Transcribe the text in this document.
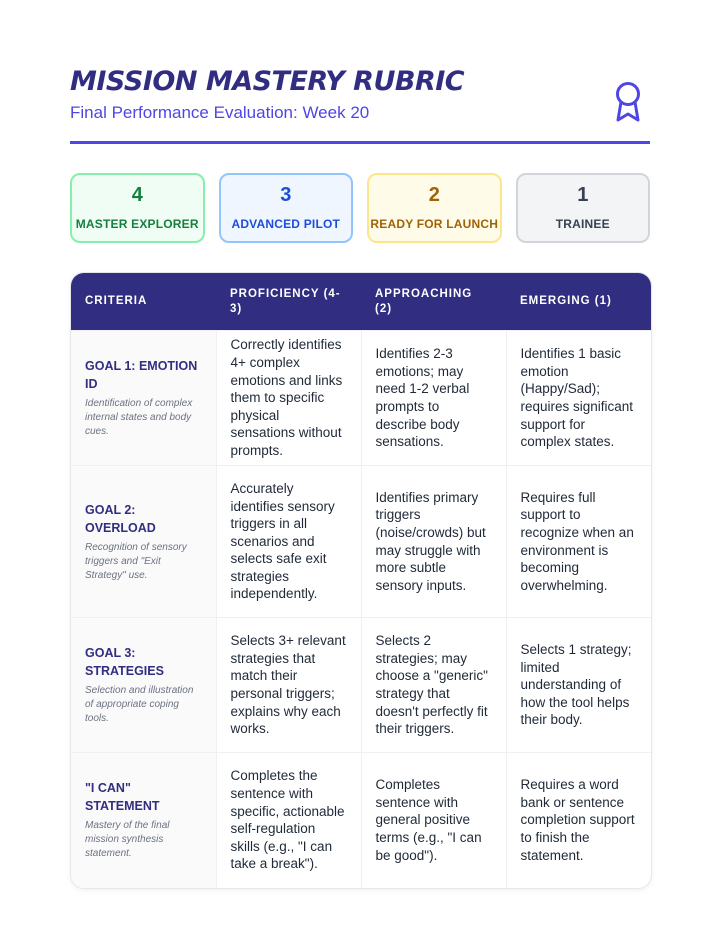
MISSION MASTERY RUBRIC
Final Performance Evaluation: Week 20
4
MASTER EXPLORER
3
ADVANCED PILOT
2
READY FOR LAUNCH
1
TRAINEE
CRITERIA	PROFICIENCY (4-3)	APPROACHING (2)	EMERGING (1)

GOAL 1: EMOTION ID
Identification of complex internal states and body cues.	Correctly identifies 4+ complex emotions and links them to specific physical sensations without prompts.	Identifies 2-3 emotions; may need 1-2 verbal prompts to describe body sensations.	Identifies 1 basic emotion (Happy/Sad); requires significant support for complex states.

GOAL 2: OVERLOAD
Recognition of sensory triggers and "Exit Strategy" use.	Accurately identifies sensory triggers in all scenarios and selects safe exit strategies independently.	Identifies primary triggers (noise/crowds) but may struggle with more subtle sensory inputs.	Requires full support to recognize when an environment is becoming overwhelming.

GOAL 3: STRATEGIES
Selection and illustration of appropriate coping tools.	Selects 3+ relevant strategies that match their personal triggers; explains why each works.	Selects 2 strategies; may choose a "generic" strategy that doesn't perfectly fit their triggers.	Selects 1 strategy; limited understanding of how the tool helps their body.

"I CAN" STATEMENT
Mastery of the final mission synthesis statement.	Completes the sentence with specific, actionable self-regulation skills (e.g., "I can take a break").	Completes sentence with general positive terms (e.g., "I can be good").	Requires a word bank or sentence completion support to finish the statement.
